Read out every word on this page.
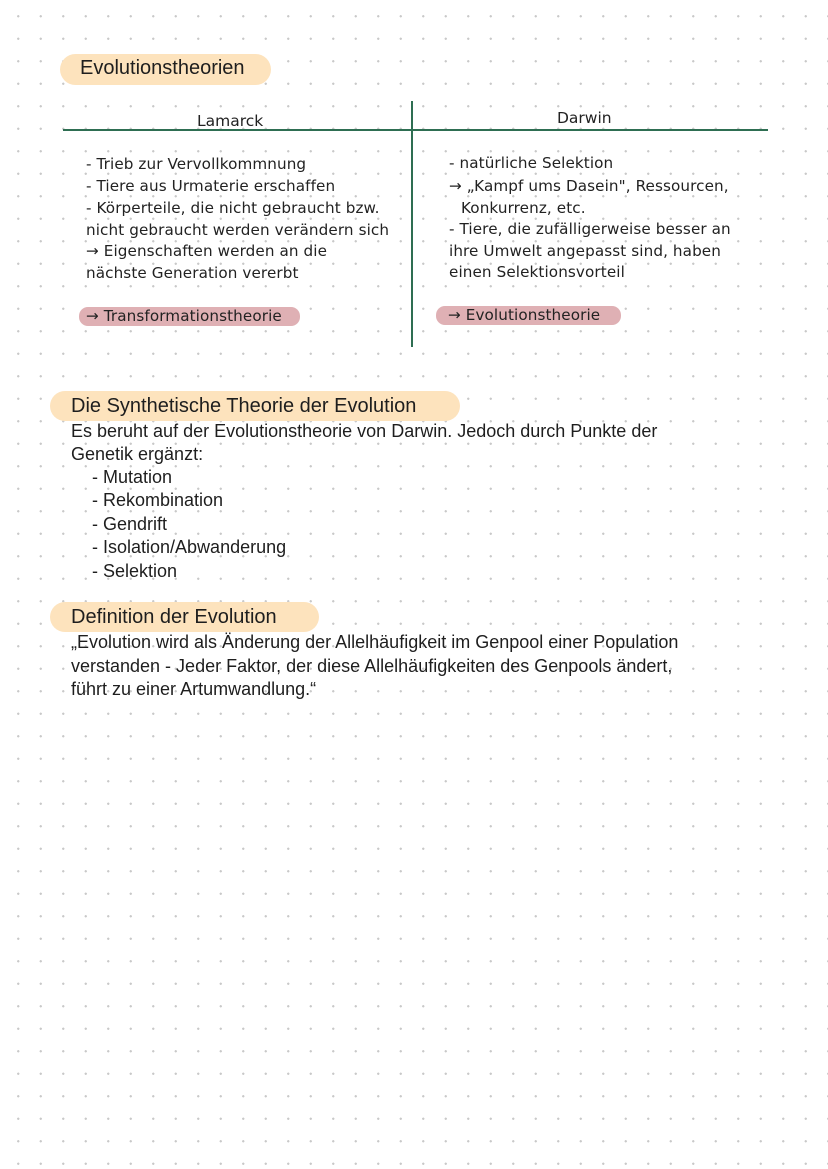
Evolutionstheorien
Lamarck	Darwin
- Trieb zur Vervollkommnung
- Tiere aus Urmaterie erschaffen
- Körperteile, die nicht gebraucht bzw.
nicht gebraucht werden verändern sich
→ Eigenschaften werden an die
nächste Generation vererbt
→ Transformationstheorie
- natürliche Selektion
→ „Kampf ums Dasein", Ressourcen,
Konkurrenz, etc.
- Tiere, die zufälligerweise besser an
ihre Umwelt angepasst sind, haben
einen Selektionsvorteil
→ Evolutionstheorie
Die Synthetische Theorie der Evolution
Es beruht auf der Evolutionstheorie von Darwin. Jedoch durch Punkte der
Genetik ergänzt:
- Mutation
- Rekombination
- Gendrift
- Isolation/Abwanderung
- Selektion
Definition der Evolution
„Evolution wird als Änderung der Allelhäufigkeit im Genpool einer Population
verstanden - Jeder Faktor, der diese Allelhäufigkeiten des Genpools ändert,
führt zu einer Artumwandlung.“
